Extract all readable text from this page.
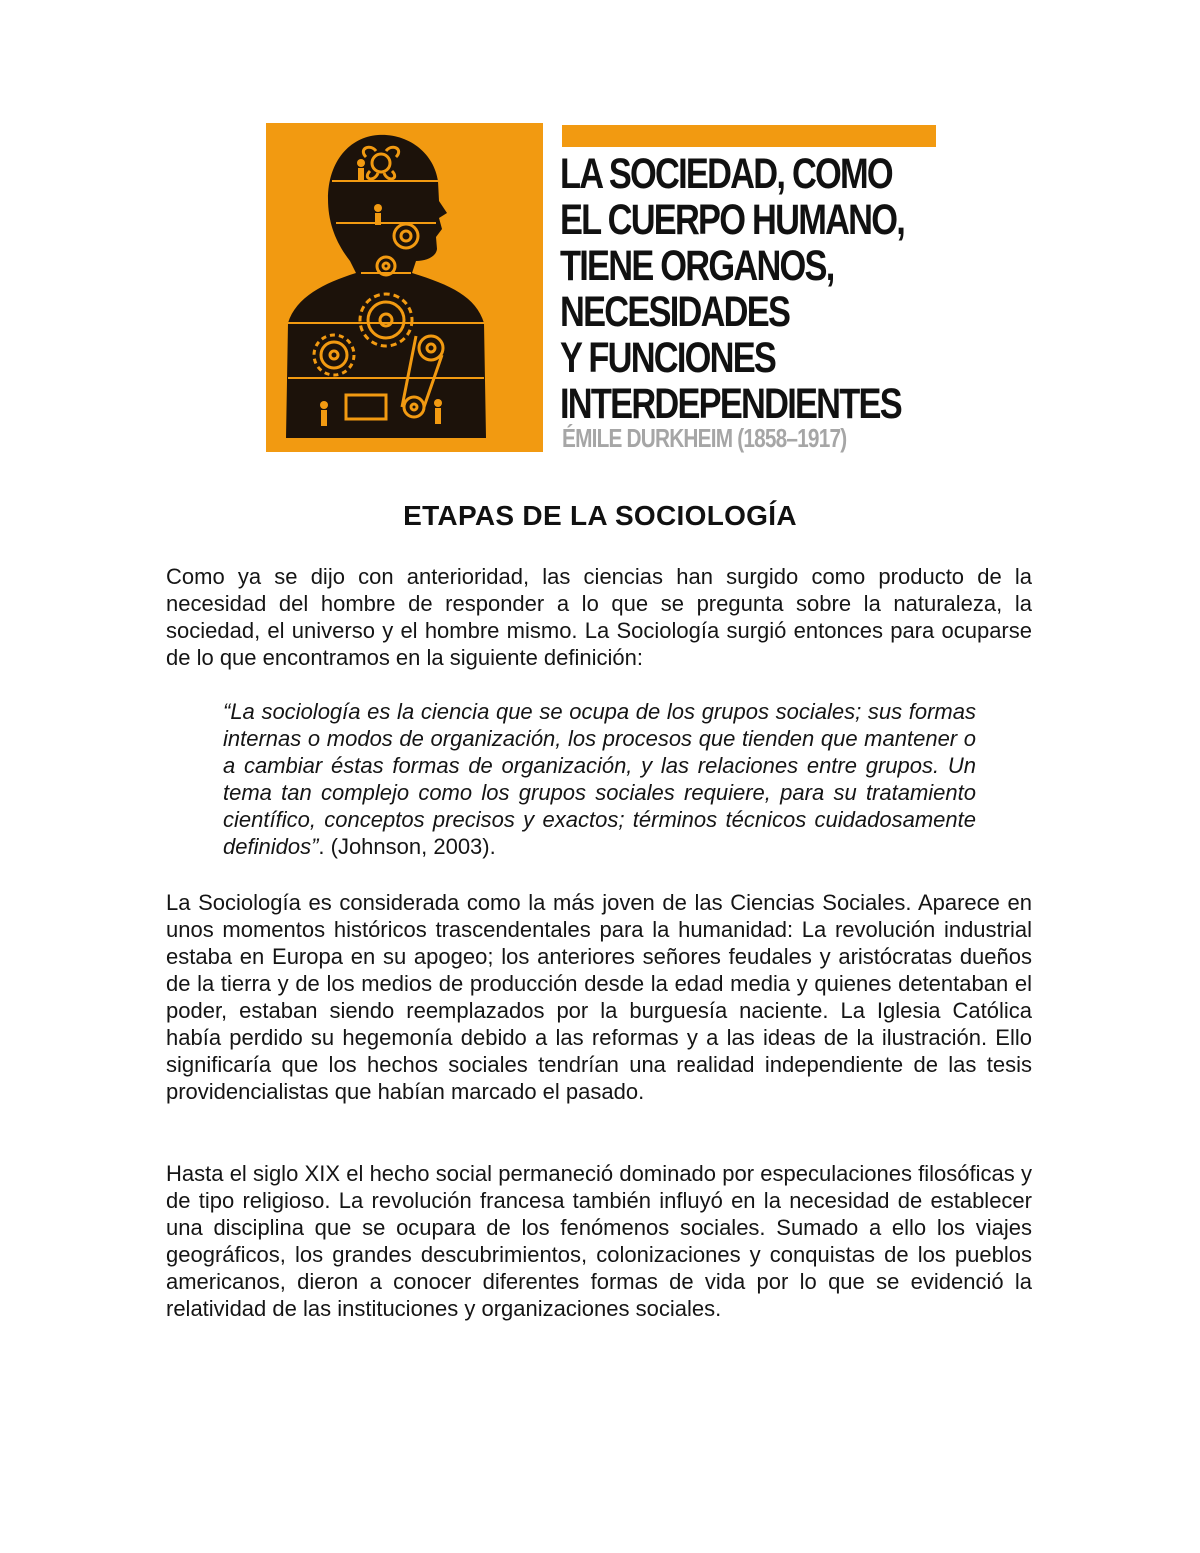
LA SOCIEDAD, COMO
EL CUERPO HUMANO,
TIENE ORGANOS,
NECESIDADES
Y FUNCIONES
INTERDEPENDIENTES

ÉMILE DURKHEIM (1858–1917)

ETAPAS DE LA SOCIOLOGÍA

Como ya se dijo con anterioridad, las ciencias han surgido como producto de la necesidad del hombre de responder a lo que se pregunta sobre la naturaleza, la sociedad, el universo y el hombre mismo. La Sociología surgió entonces para ocuparse de lo que encontramos en la siguiente definición:

“La sociología es la ciencia que se ocupa de los grupos sociales; sus formas internas o modos de organización, los procesos que tienden que mantener o a cambiar éstas formas de organización, y las relaciones entre grupos. Un tema tan complejo como los grupos sociales requiere, para su tratamiento científico, conceptos precisos y exactos; términos técnicos cuidadosamente definidos”. (Johnson, 2003).

La Sociología es considerada como la más joven de las Ciencias Sociales. Aparece en unos momentos históricos trascendentales para la humanidad: La revolución industrial estaba en Europa en su apogeo; los anteriores señores feudales y aristócratas dueños de la tierra y de los medios de producción desde la edad media y quienes detentaban el poder, estaban siendo reemplazados por la burguesía naciente. La Iglesia Católica había perdido su hegemonía debido a las reformas y a las ideas de la ilustración. Ello significaría que los hechos sociales tendrían una realidad independiente de las tesis providencialistas que habían marcado el pasado.

Hasta el siglo XIX el hecho social permaneció dominado por especulaciones filosóficas y de tipo religioso. La revolución francesa también influyó en la necesidad de establecer una disciplina que se ocupara de los fenómenos sociales. Sumado a ello los viajes geográficos, los grandes descubrimientos, colonizaciones y conquistas de los pueblos americanos, dieron a conocer diferentes formas de vida por lo que se evidenció la relatividad de las instituciones y organizaciones sociales.
